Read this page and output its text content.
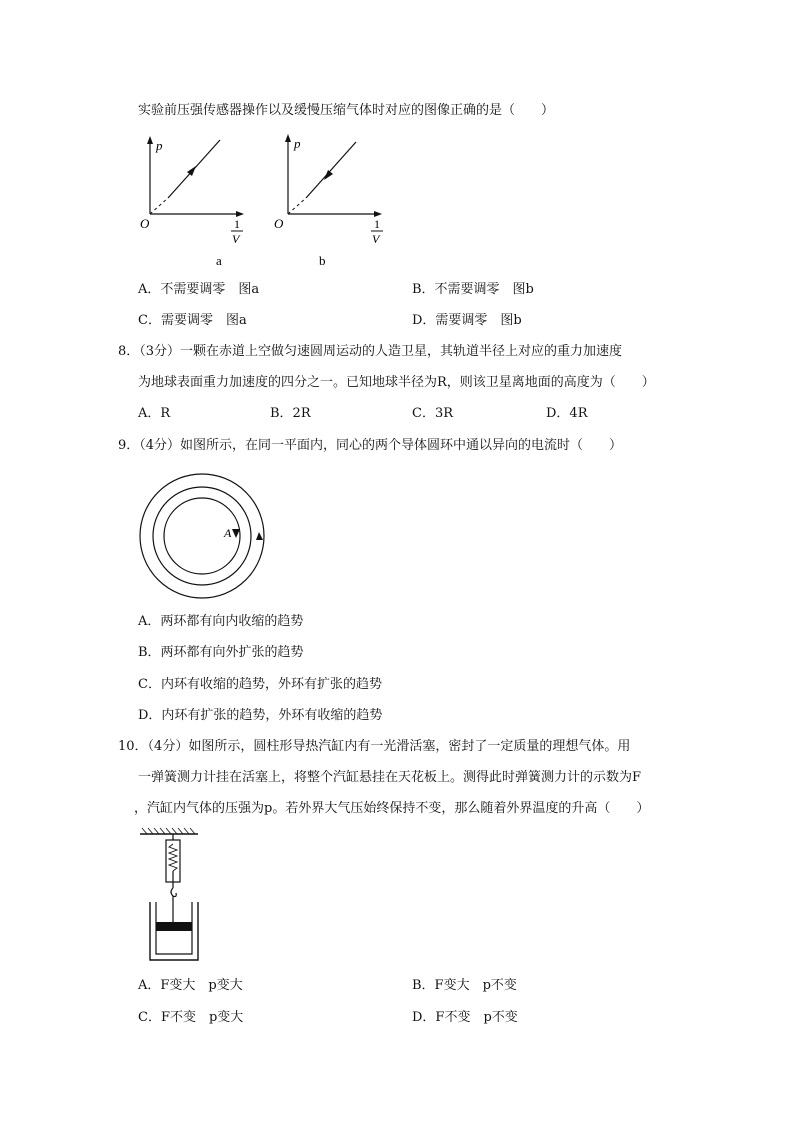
实验前压强传感器操作以及缓慢压缩气体时对应的图像正确的是（　　）
p
O	1
V
a
p
O	1
V
b
A．不需要调零　图a	B．不需要调零　图b
C．需要调零　图a	D．需要调零　图b
8．（3分）一颗在赤道上空做匀速圆周运动的人造卫星，其轨道半径上对应的重力加速度
为地球表面重力加速度的四分之一。已知地球半径为R，则该卫星离地面的高度为（　　）
A．R	B．2R	C．3R	D．4R
9．（4分）如图所示，在同一平面内，同心的两个导体圆环中通以异向的电流时（　　）
A
A．两环都有向内收缩的趋势
B．两环都有向外扩张的趋势
C．内环有收缩的趋势，外环有扩张的趋势
D．内环有扩张的趋势，外环有收缩的趋势
10．（4分）如图所示，圆柱形导热汽缸内有一光滑活塞，密封了一定质量的理想气体。用
一弹簧测力计挂在活塞上，将整个汽缸悬挂在天花板上。测得此时弹簧测力计的示数为F
，汽缸内气体的压强为p。若外界大气压始终保持不变，那么随着外界温度的升高（　　）
A．F变大　p变大	B．F变大　p不变
C．F不变　p变大	D．F不变　p不变
